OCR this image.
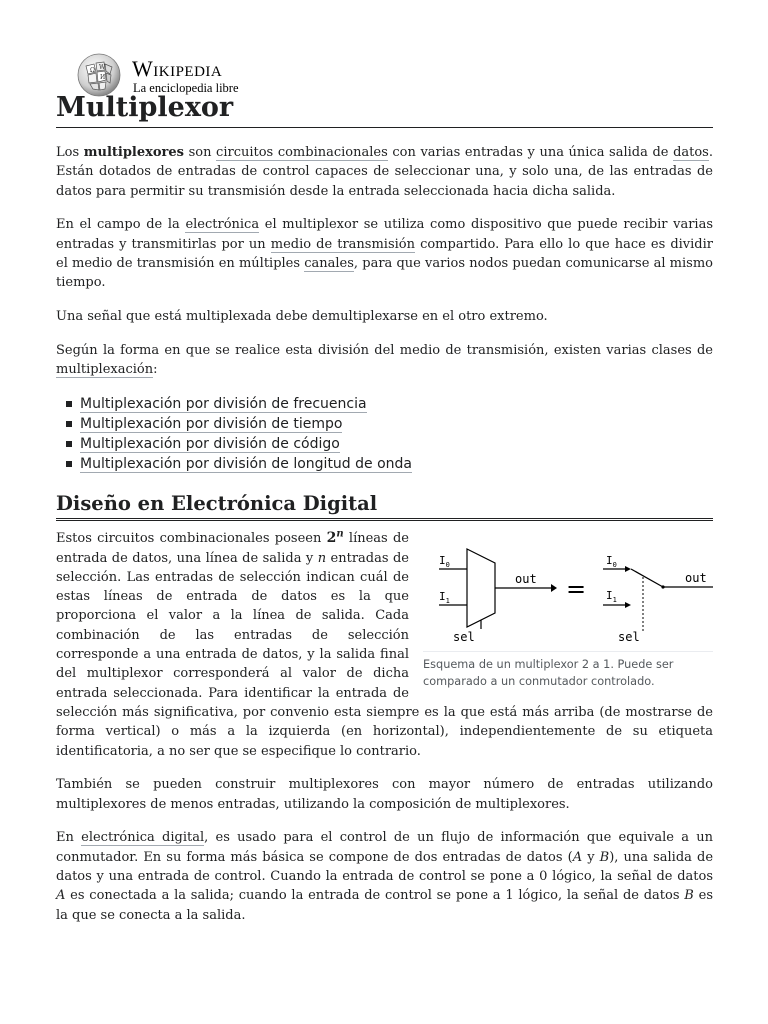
Ω W
И Wikipedia
La enciclopedia libre
Multiplexor

Los multiplexores son circuitos combinacionales con varias entradas y una única salida de datos. Están dotados de entradas de control capaces de seleccionar una, y solo una, de las entradas de datos para permitir su transmisión desde la entrada seleccionada hacia dicha salida.

En el campo de la electrónica el multiplexor se utiliza como dispositivo que puede recibir varias entradas y transmitirlas por un medio de transmisión compartido. Para ello lo que hace es dividir el medio de transmisión en múltiples canales, para que varios nodos puedan comunicarse al mismo tiempo.

Una señal que está multiplexada debe demultiplexarse en el otro extremo.

Según la forma en que se realice esta división del medio de transmisión, existen varias clases de multiplexación:

Multiplexación por división de frecuencia
Multiplexación por división de tiempo
Multiplexación por división de código
Multiplexación por división de longitud de onda
Diseño en Electrónica Digital
$I_0$
$I_1$
out
sel
=
$I_0$
$I_1$
out
sel
Esquema de un multiplexor 2 a 1. Puede ser comparado a un conmutador controlado.

Estos circuitos combinacionales poseen 2$^n$ líneas de entrada de datos, una línea de salida y n entradas de selección. Las entradas de selección indican cuál de estas líneas de entrada de datos es la que proporciona el valor a la línea de salida. Cada combinación de las entradas de selección corresponde a una entrada de datos, y la salida final del multiplexor corresponderá al valor de dicha entrada seleccionada. Para identificar la entrada de selección más significativa, por convenio esta siempre es la que está más arriba (de mostrarse de forma vertical) o más a la izquierda (en horizontal), independientemente de su etiqueta identificatoria, a no ser que se especifique lo contrario.

También se pueden construir multiplexores con mayor número de entradas utilizando multiplexores de menos entradas, utilizando la composición de multiplexores.

En electrónica digital, es usado para el control de un flujo de información que equivale a un conmutador. En su forma más básica se compone de dos entradas de datos (A y B), una salida de datos y una entrada de control. Cuando la entrada de control se pone a 0 lógico, la señal de datos A es conectada a la salida; cuando la entrada de control se pone a 1 lógico, la señal de datos B es la que se conecta a la salida.
